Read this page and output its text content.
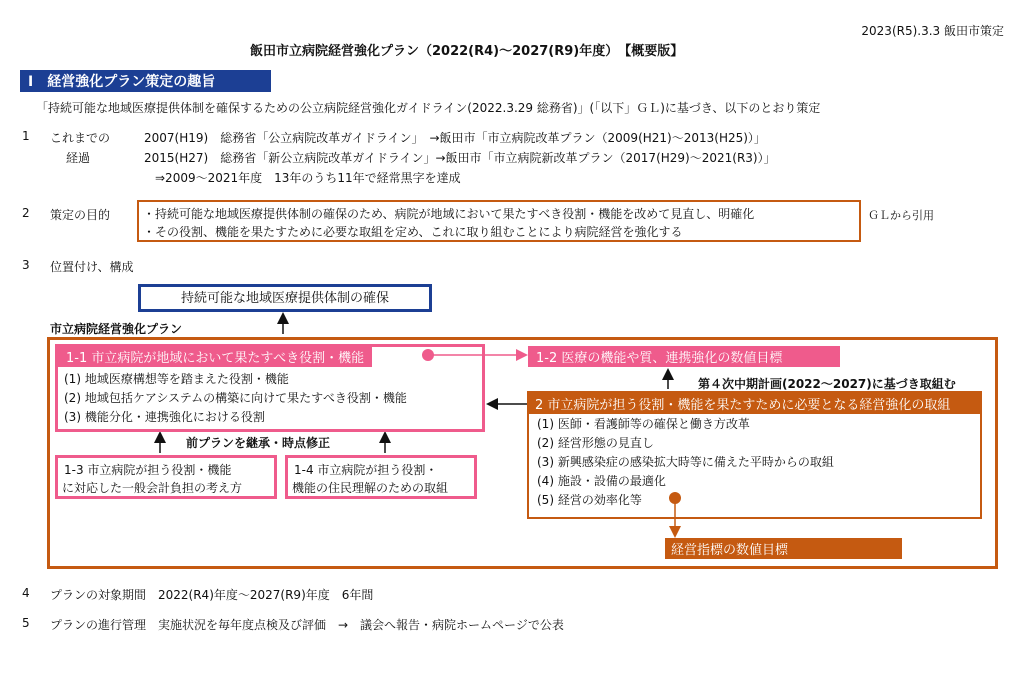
2023(R5).3.3 飯田市策定
飯田市立病院経営強化プラン（2022(R4)～2027(R9)年度）　【概要版】
Ⅰ　経営強化プラン策定の趣旨
「持続可能な地域医療提供体制を確保するための公立病院経営強化ガイドライン(2022.3.29 総務省)」(「以下」ＧＬ)に基づき、以下のとおり策定
1 これまでの
経過
2007(H19)　総務省「公立病院改革ガイドライン」　→飯田市「市立病院改革プラン（2009(H21)～2013(H25)）」
2015(H27)　総務省「新公立病院改革ガイドライン」→飯田市「市立病院新改革プラン（2017(H29)～2021(R3)）」
⇒2009～2021年度　13年のうち11年で経常黒字を達成
2 策定の目的	・持続可能な地域医療提供体制の確保のため、病院が地域において果たすべき役割・機能を改めて見直し、明確化
・その役割、機能を果たすために必要な取組を定め、これに取り組むことにより病院経営を強化する
ＧＬから引用
3 位置付け、構成
持続可能な地域医療提供体制の確保
市立病院経営強化プラン
1-1 市立病院が地域において果たすべき役割・機能
(1) 地域医療構想等を踏まえた役割・機能
(2) 地域包括ケアシステムの構築に向けて果たすべき役割・機能
(3) 機能分化・連携強化における役割
1-2 医療の機能や質、連携強化の数値目標
第４次中期計画(2022～2027)に基づき取組む
2 市立病院が担う役割・機能を果たすために必要となる経営強化の取組
(1) 医師・看護師等の確保と働き方改革
(2) 経営形態の見直し
(3) 新興感染症の感染拡大時等に備えた平時からの取組
(4) 施設・設備の最適化
(5) 経営の効率化等
前プランを継承・時点修正
1-3 市立病院が担う役割・機能
に対応した一般会計負担の考え方
1-4 市立病院が担う役割・
機能の住民理解のための取組
経営指標の数値目標
4 プランの対象期間　2022(R4)年度～2027(R9)年度　6年間
5 プランの進行管理　実施状況を毎年度点検及び評価　→　議会へ報告・病院ホームページで公表
